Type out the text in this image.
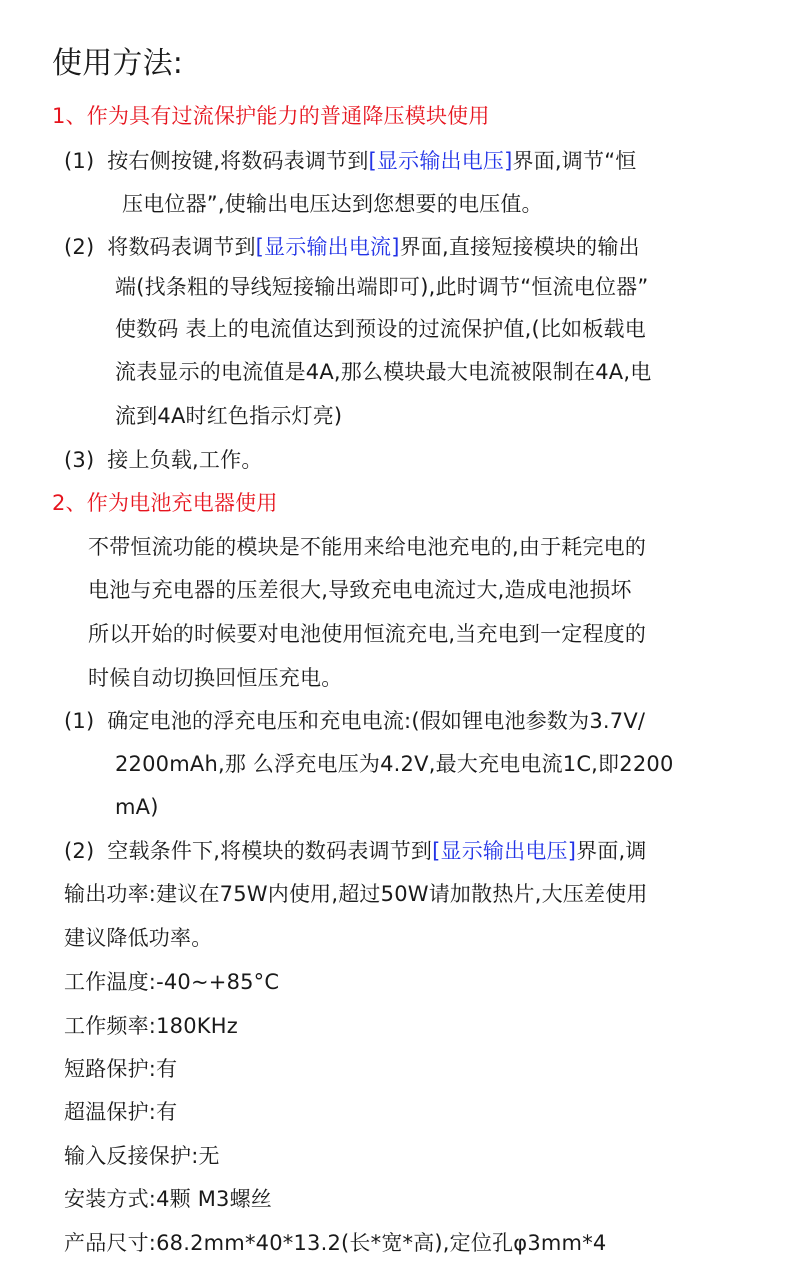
使用方法:
1、作为具有过流保护能力的普通降压模块使用
(1) 按右侧按键,将数码表调节到[显示输出电压]界面,调节“恒
压电位器”,使输出电压达到您想要的电压值。
(2) 将数码表调节到[显示输出电流]界面,直接短接模块的输出
端(找条粗的导线短接输出端即可),此时调节“恒流电位器”
使数码 表上的电流值达到预设的过流保护值,(比如板载电
流表显示的电流值是4A,那么模块最大电流被限制在4A,电
流到4A时红色指示灯亮)
(3) 接上负载,工作。
2、作为电池充电器使用
不带恒流功能的模块是不能用来给电池充电的,由于耗完电的
电池与充电器的压差很大,导致充电电流过大,造成电池损坏
所以开始的时候要对电池使用恒流充电,当充电到一定程度的
时候自动切换回恒压充电。
(1) 确定电池的浮充电压和充电电流:(假如锂电池参数为3.7V/
2200mAh,那 么浮充电压为4.2V,最大充电电流1C,即2200
mA)
(2) 空载条件下,将模块的数码表调节到[显示输出电压]界面,调
输出功率:建议在75W内使用,超过50W请加散热片,大压差使用
建议降低功率。
工作温度:-40~+85°C
工作频率:180KHz
短路保护:有
超温保护:有
输入反接保护:无
安装方式:4颗 M3螺丝
产品尺寸:68.2mm*40*13.2(长*宽*高),定位孔φ3mm*4
